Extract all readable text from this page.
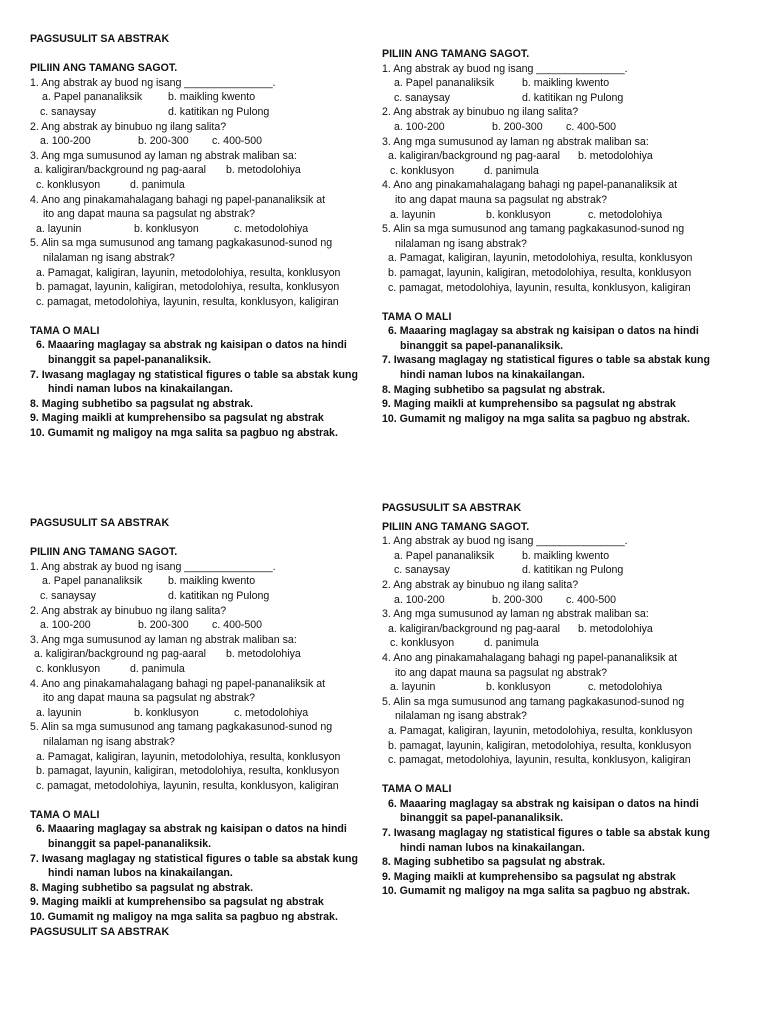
PAGSUSULIT SA ABSTRAK
PILIIN ANG TAMANG SAGOT.
1. Ang abstrak ay buod ng isang _______________.
a. Papel pananaliksik b. maikling kwento
c. sanaysay	d. katitikan ng Pulong
2. Ang abstrak ay binubuo ng ilang salita?
a. 100-200	b. 200-300 c. 400-500
3. Ang mga sumusunod ay laman ng abstrak maliban sa:
a. kaligiran/background ng pag-aaral b. metodolohiya
c. konklusyon	d. panimula
4. Ano ang pinakamahalagang bahagi ng papel-pananaliksik at
ito ang dapat mauna sa pagsulat ng abstrak?
a. layunin	b. konklusyon	c. metodolohiya
5. Alin sa mga sumusunod ang tamang pagkakasunod-sunod ng
nilalaman ng isang abstrak?
a. Pamagat, kaligiran, layunin, metodolohiya, resulta, konklusyon
b. pamagat, layunin, kaligiran, metodolohiya, resulta, konklusyon
c. pamagat, metodolohiya, layunin, resulta, konklusyon, kaligiran
TAMA O MALI
6. Maaaring maglagay sa abstrak ng kaisipan o datos na hindi
binanggit sa papel-pananaliksik.
7. Iwasang maglagay ng statistical figures o table sa abstak kung
hindi naman lubos na kinakailangan.
8. Maging subhetibo sa pagsulat ng abstrak.
9. Maging maikli at kumprehensibo sa pagsulat ng abstrak
10. Gumamit ng maligoy na mga salita sa pagbuo ng abstrak.
PILIIN ANG TAMANG SAGOT.
1. Ang abstrak ay buod ng isang _______________.
a. Papel pananaliksik	b. maikling kwento
c. sanaysay	d. katitikan ng Pulong
2. Ang abstrak ay binubuo ng ilang salita?
a. 100-200	b. 200-300 c. 400-500
3. Ang mga sumusunod ay laman ng abstrak maliban sa:
a. kaligiran/background ng pag-aaral b. metodolohiya
c. konklusyon	d. panimula
4. Ano ang pinakamahalagang bahagi ng papel-pananaliksik at
ito ang dapat mauna sa pagsulat ng abstrak?
a. layunin	b. konklusyon	c. metodolohiya
5. Alin sa mga sumusunod ang tamang pagkakasunod-sunod ng
nilalaman ng isang abstrak?
a. Pamagat, kaligiran, layunin, metodolohiya, resulta, konklusyon
b. pamagat, layunin, kaligiran, metodolohiya, resulta, konklusyon
c. pamagat, metodolohiya, layunin, resulta, konklusyon, kaligiran
TAMA O MALI
6. Maaaring maglagay sa abstrak ng kaisipan o datos na hindi
binanggit sa papel-pananaliksik.
7. Iwasang maglagay ng statistical figures o table sa abstak kung
hindi naman lubos na kinakailangan.
8. Maging subhetibo sa pagsulat ng abstrak.
9. Maging maikli at kumprehensibo sa pagsulat ng abstrak
10. Gumamit ng maligoy na mga salita sa pagbuo ng abstrak.
PAGSUSULIT SA ABSTRAK
PILIIN ANG TAMANG SAGOT.
1. Ang abstrak ay buod ng isang _______________.
a. Papel pananaliksik b. maikling kwento
c. sanaysay	d. katitikan ng Pulong
2. Ang abstrak ay binubuo ng ilang salita?
a. 100-200	b. 200-300 c. 400-500
3. Ang mga sumusunod ay laman ng abstrak maliban sa:
a. kaligiran/background ng pag-aaral b. metodolohiya
c. konklusyon	d. panimula
4. Ano ang pinakamahalagang bahagi ng papel-pananaliksik at
ito ang dapat mauna sa pagsulat ng abstrak?
a. layunin	b. konklusyon	c. metodolohiya
5. Alin sa mga sumusunod ang tamang pagkakasunod-sunod ng
nilalaman ng isang abstrak?
a. Pamagat, kaligiran, layunin, metodolohiya, resulta, konklusyon
b. pamagat, layunin, kaligiran, metodolohiya, resulta, konklusyon
c. pamagat, metodolohiya, layunin, resulta, konklusyon, kaligiran
TAMA O MALI
6. Maaaring maglagay sa abstrak ng kaisipan o datos na hindi
binanggit sa papel-pananaliksik.
7. Iwasang maglagay ng statistical figures o table sa abstak kung
hindi naman lubos na kinakailangan.
8. Maging subhetibo sa pagsulat ng abstrak.
9. Maging maikli at kumprehensibo sa pagsulat ng abstrak
10. Gumamit ng maligoy na mga salita sa pagbuo ng abstrak.
PAGSUSULIT SA ABSTRAK
PAGSUSULIT SA ABSTRAK
PILIIN ANG TAMANG SAGOT.
1. Ang abstrak ay buod ng isang _______________.
a. Papel pananaliksik	b. maikling kwento
c. sanaysay	d. katitikan ng Pulong
2. Ang abstrak ay binubuo ng ilang salita?
a. 100-200	b. 200-300 c. 400-500
3. Ang mga sumusunod ay laman ng abstrak maliban sa:
a. kaligiran/background ng pag-aaral b. metodolohiya
c. konklusyon	d. panimula
4. Ano ang pinakamahalagang bahagi ng papel-pananaliksik at
ito ang dapat mauna sa pagsulat ng abstrak?
a. layunin	b. konklusyon	c. metodolohiya
5. Alin sa mga sumusunod ang tamang pagkakasunod-sunod ng
nilalaman ng isang abstrak?
a. Pamagat, kaligiran, layunin, metodolohiya, resulta, konklusyon
b. pamagat, layunin, kaligiran, metodolohiya, resulta, konklusyon
c. pamagat, metodolohiya, layunin, resulta, konklusyon, kaligiran
TAMA O MALI
6. Maaaring maglagay sa abstrak ng kaisipan o datos na hindi
binanggit sa papel-pananaliksik.
7. Iwasang maglagay ng statistical figures o table sa abstak kung
hindi naman lubos na kinakailangan.
8. Maging subhetibo sa pagsulat ng abstrak.
9. Maging maikli at kumprehensibo sa pagsulat ng abstrak
10. Gumamit ng maligoy na mga salita sa pagbuo ng abstrak.
